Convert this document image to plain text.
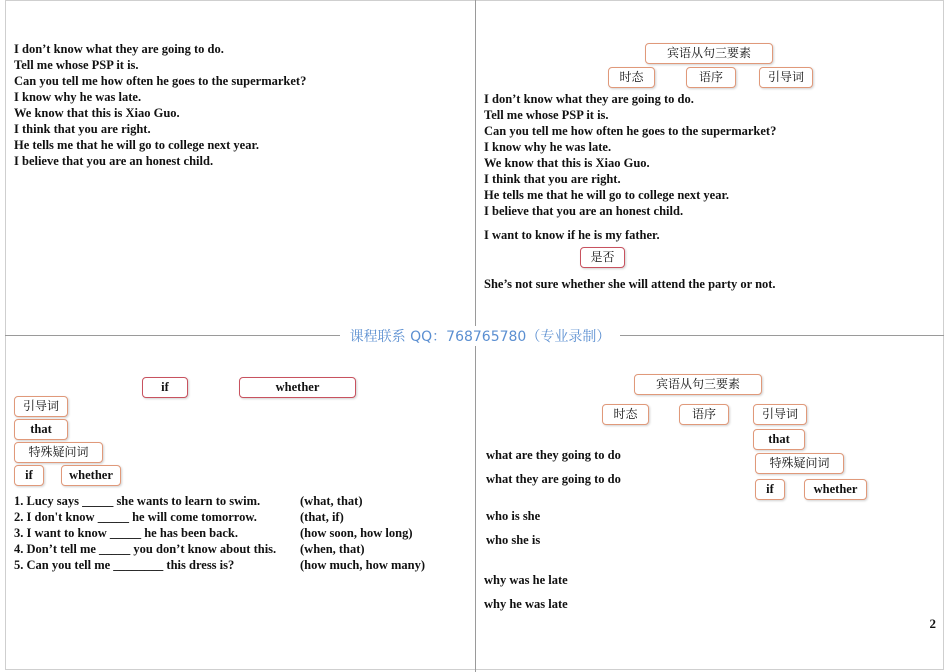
I don’t know what they are going to do.
Tell me whose PSP it is.
Can you tell me how often he goes to the supermarket?
I know why he was late.
We know that this is Xiao Guo.
I think that you are right.
He tells me that he will go to college next year.
I believe that you are an honest child.
宾语从句三要素
时态	语序	引导词
I don’t know what they are going to do.
Tell me whose PSP it is.
Can you tell me how often he goes to the supermarket?
I know why he was late.
We know that this is Xiao Guo.
I think that you are right.
He tells me that he will go to college next year.
I believe that you are an honest child.
I want to know if he is my father.
是否
She’s not sure whether she will attend the party or not.
课程联系 QQ：768765780（专业录制）
if	whether
引导词
that
特殊疑问词
if	whether
1. Lucy says _____ she wants to learn to swim.	(what, that)
2. I don't know _____ he will come tomorrow.	(that, if)
3. I want to know _____ he has been back.	(how soon, how long)
4. Don’t tell me _____ you don’t know about this.	(when, that)
5. Can you tell me ________ this dress is?	(how much, how many)
宾语从句三要素
时态	语序	引导词
that
特殊疑问词
if	whether
what are they going to do
what they are going to do
who is she
who she is
why was he late
why he was late
2
